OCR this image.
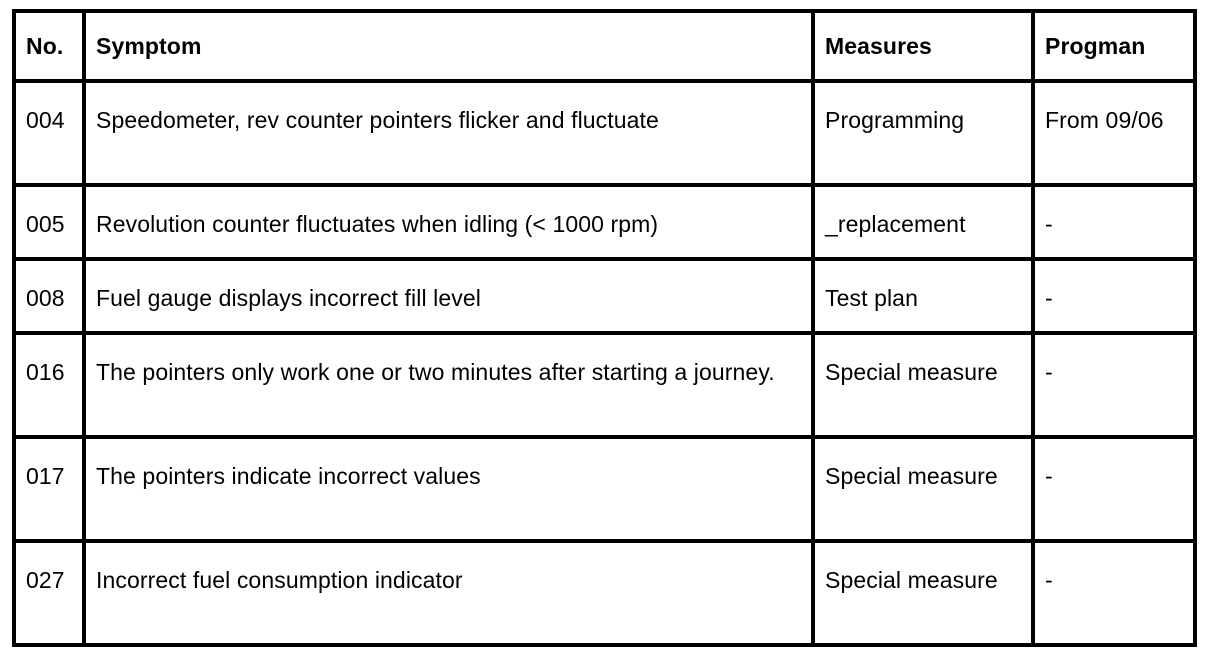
No.	Symptom	Measures	Progman
004	Speedometer, rev counter pointers flicker and fluctuate	Programming	From 09/06
005	Revolution counter fluctuates when idling (< 1000 rpm)	_replacement	-
008	Fuel gauge displays incorrect fill level	Test plan	-
016	The pointers only work one or two minutes after starting a journey.	Special measure	-
017	The pointers indicate incorrect values	Special measure	-
027	Incorrect fuel consumption indicator	Special measure	-
